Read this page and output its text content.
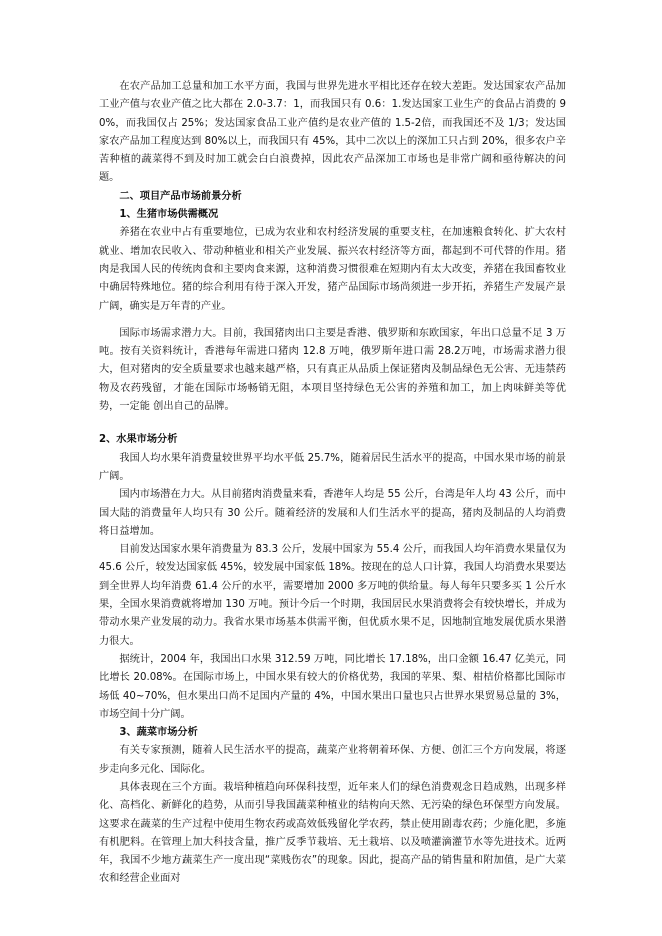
在农产品加工总量和加工水平方面，我国与世界先进水平相比还存在较大差距。发达国家农产品加工业产值与农业产值之比大都在 2.0-3.7：1，而我国只有 0.6：1.发达国家工业生产的食品占消费的 90%，而我国仅占 25%；发达国家食品工业产值约是农业产值的 1.5-2倍，而我国还不及 1/3；发达国家农产品加工程度达到 80%以上，而我国只有 45%，其中二次以上的深加工只占到 20%，很多农户辛苦种植的蔬菜得不到及时加工就会白白浪费掉，因此农产品深加工市场也是非常广阔和亟待解决的问题。

二、项目产品市场前景分析

1、生猪市场供需概况

养猪在农业中占有重要地位，已成为农业和农村经济发展的重要支柱，在加速粮食转化、扩大农村就业、增加农民收入、带动种植业和相关产业发展、振兴农村经济等方面，都起到不可代替的作用。猪肉是我国人民的传统肉食和主要肉食来源，这种消费习惯很难在短期内有太大改变，养猪在我国畜牧业中确居特殊地位。猪的综合利用有待于深入开发，猪产品国际市场尚须进一步开拓，养猪生产发展产景广阔，确实是万年青的产业。

国际市场需求潜力大。目前，我国猪肉出口主要是香港、俄罗斯和东欧国家，年出口总量不足 3 万吨。按有关资料统计，香港每年需进口猪肉 12.8 万吨，俄罗斯年进口需 28.2万吨，市场需求潜力很大，但对猪肉的安全质量要求也越来越严格，只有真正从品质上保证猪肉及制品绿色无公害、无违禁药物及农药残留，才能在国际市场畅销无阻，本项目坚持绿色无公害的养殖和加工，加上肉味鲜美等优势，一定能 创出自己的品牌。

2、水果市场分析

我国人均水果年消费量较世界平均水平低 25.7%，随着居民生活水平的提高，中国水果市场的前景广阔。

国内市场潜在力大。从目前猪肉消费量来看，香港年人均是 55 公斤，台湾是年人均 43 公斤，而中国大陆的消费量年人均只有 30 公斤。随着经济的发展和人们生活水平的提高，猪肉及制品的人均消费将日益增加。

目前发达国家水果年消费量为 83.3 公斤，发展中国家为 55.4 公斤，而我国人均年消费水果量仅为 45.6 公斤，较发达国家低 45%，较发展中国家低 18%。按现在的总人口计算，我国人均消费水果要达到全世界人均年消费 61.4 公斤的水平，需要增加 2000 多万吨的供给量。每人每年只要多买 1 公斤水果，全国水果消费就将增加 130 万吨。预计今后一个时期，我国居民水果消费将会有较快增长，并成为带动水果产业发展的动力。我省水果市场基本供需平衡，但优质水果不足，因地制宜地发展优质水果潜力很大。

据统计，2004 年，我国出口水果 312.59 万吨，同比增长 17.18%，出口金额 16.47 亿美元，同比增长 20.08%。在国际市场上，中国水果有较大的价格优势，我国的苹果、梨、柑桔价格都比国际市场低 40~70%，但水果出口尚不足国内产量的 4%，中国水果出口量也只占世界水果贸易总量的 3%，市场空间十分广阔。

3、蔬菜市场分析

有关专家预测，随着人民生活水平的提高，蔬菜产业将朝着环保、方便、创汇三个方向发展，将逐步走向多元化、国际化。

具体表现在三个方面。栽培种植趋向环保科技型，近年来人们的绿色消费观念日趋成熟，出现多样化、高档化、新鲜化的趋势，从而引导我国蔬菜种植业的结构向天然、无污染的绿色环保型方向发展。这要求在蔬菜的生产过程中使用生物农药或高效低残留化学农药，禁止使用剧毒农药；少施化肥，多施有机肥料。在管理上加大科技含量，推广反季节栽培、无土栽培、以及喷灌滴灌节水等先进技术。近两年，我国不少地方蔬菜生产一度出现“菜贱伤农”的现象。因此，提高产品的销售量和附加值，是广大菜农和经营企业面对
